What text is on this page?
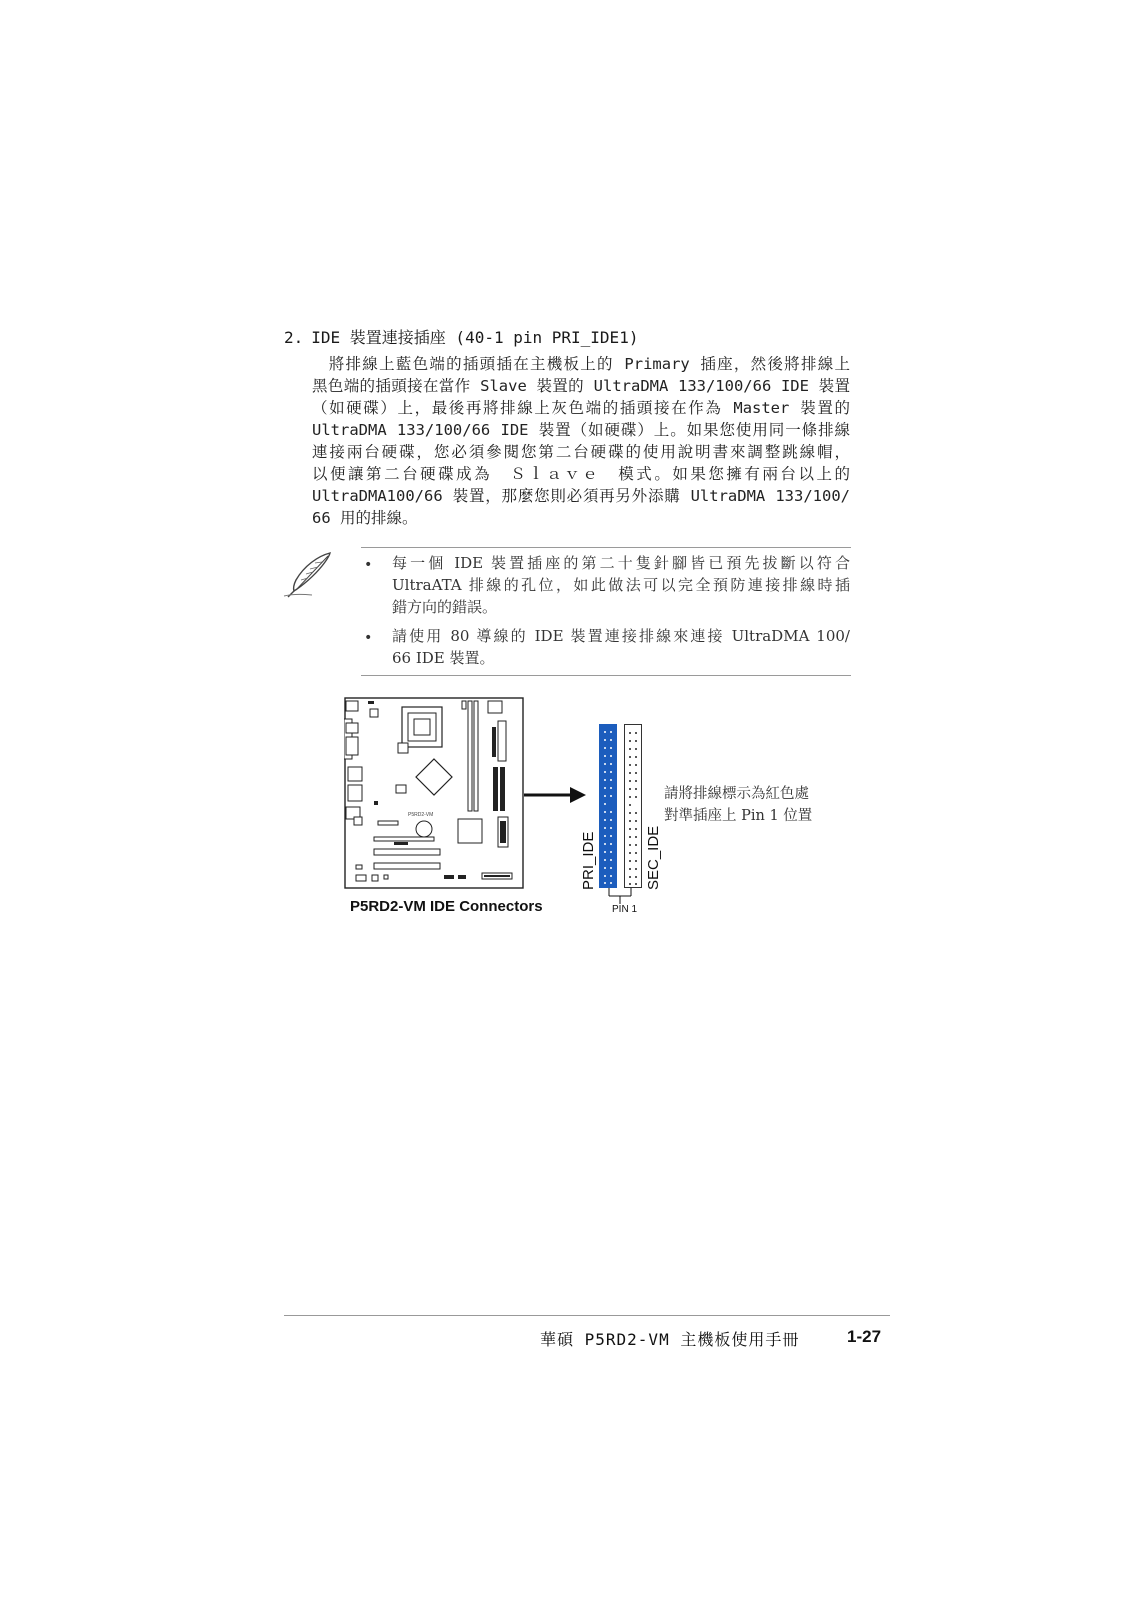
2. IDE 裝置連接插座 (40-1 pin PRI_IDE1)
　將排線上藍色端的插頭插在主機板上的 Primary 插座，然後將排線上
黑色端的插頭接在當作 Slave 裝置的 UltraDMA 133/100/66 IDE 裝置
（如硬碟）上，最後再將排線上灰色端的插頭接在作為 Master 裝置的
UltraDMA 133/100/66 IDE 裝置（如硬碟）上。如果您使用同一條排線
連接兩台硬碟，您必須參閱您第二台硬碟的使用說明書來調整跳線帽，
以便讓第二台硬碟成為　Ｓｌａｖｅ　模式。如果您擁有兩台以上的
UltraDMA100/66 裝置，那麼您則必須再另外添購 UltraDMA 133/100/
66 用的排線。
• 每一個 IDE 裝置插座的第二十隻針腳皆已預先拔斷以符合
UltraATA 排線的孔位，如此做法可以完全預防連接排線時插
錯方向的錯誤。
• 請使用 80 導線的 IDE 裝置連接排線來連接 UltraDMA 100/
66 IDE 裝置。
P5RD2-VM
P5RD2-VM IDE Connectors
PRI_IDE	SEC_IDE
PIN 1
請將排線標示為紅色處
對準插座上 Pin 1 位置
華碩 P5RD2-VM 主機板使用手冊	1-27
